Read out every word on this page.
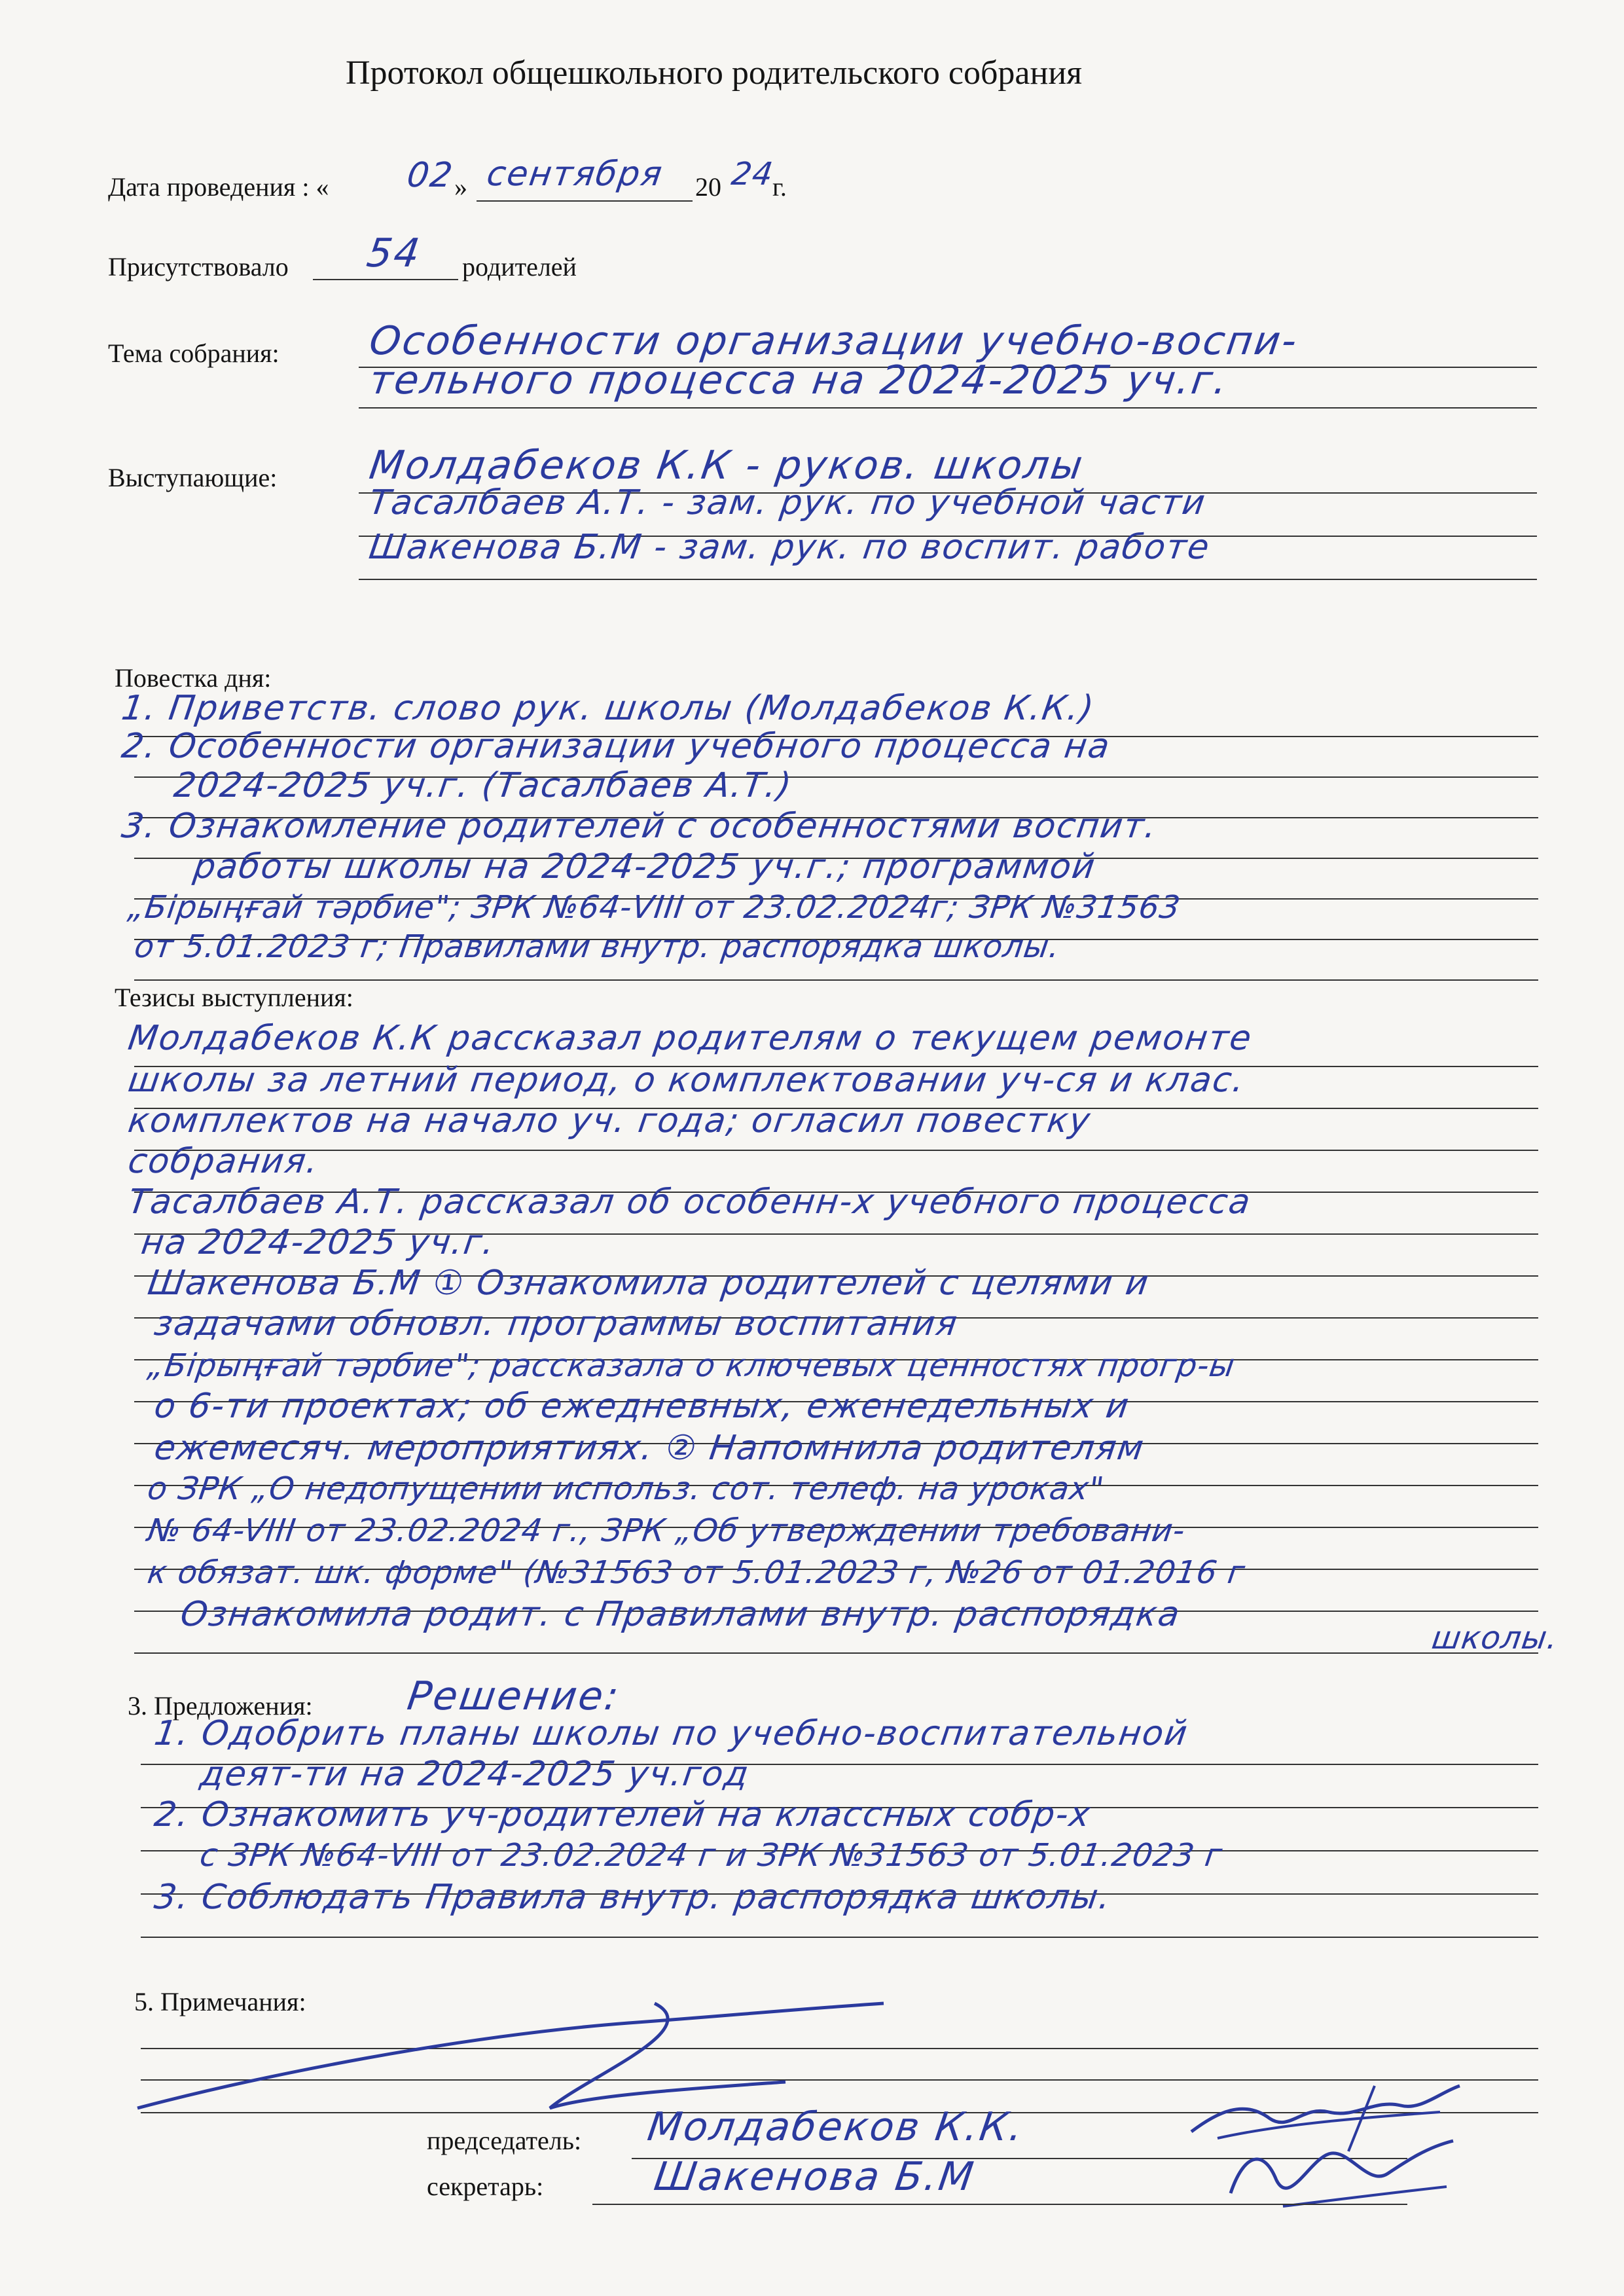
Протокол общешкольного родительского собрания
Дата проведения : « 02
» сентября 20 24
г.
Присутствовало 54 родителей
Тема собрания: Особенности организации учебно-воспи-
тельного процесса на 2024-2025 уч.г.
Выступающие: Молдабеков К.К - руков. школы
Тасалбаев А.Т. - зам. рук. по учебной части
Шакенова Б.М - зам. рук. по воспит. работе
Повестка дня:
1. Приветств. слово рук. школы (Молдабеков К.К.)
2. Особенности организации учебного процесса на
2024-2025 уч.г. (Тасалбаев А.Т.)
3. Ознакомление родителей с особенностями воспит.
работы школы на 2024-2025 уч.г.; программой
„Бірыңғай тәрбие"; ЗРК №64-VIII от 23.02.2024г; ЗРК №31563
от 5.01.2023 г; Правилами внутр. распорядка школы.
Тезисы выступления:
Молдабеков К.К рассказал родителям о текущем ремонте
школы за летний период, о комплектовании уч-ся и клас.
комплектов на начало уч. года; огласил повестку
собрания.
Тасалбаев А.Т. рассказал об особенн-х учебного процесса
на 2024-2025 уч.г.
Шакенова Б.М ① Ознакомила родителей с целями и
задачами обновл. программы воспитания
„Бірыңғай тәрбие"; рассказала о ключевых ценностях прогр-ы
о 6-ти проектах; об ежедневных, еженедельных и
ежемесяч. мероприятиях. ② Напомнила родителям
о ЗРК „О недопущении использ. сот. телеф. на уроках"
№ 64-VIII от 23.02.2024 г., ЗРК „Об утверждении требовани-
к обязат. шк. форме" (№31563 от 5.01.2023 г, №26 от 01.2016 г
Ознакомила родит. с Правилами внутр. распорядка
школы.
3. Предложения: Решение:
1. Одобрить планы школы по учебно-воспитательной
деят-ти на 2024-2025 уч.год
2. Ознакомить уч-родителей на классных собр-х
с ЗРК №64-VIII от 23.02.2024 г и ЗРК №31563 от 5.01.2023 г
3. Соблюдать Правила внутр. распорядка школы.
5. Примечания:
председатель: Молдабеков К.К.
секретарь:	Шакенова Б.М
